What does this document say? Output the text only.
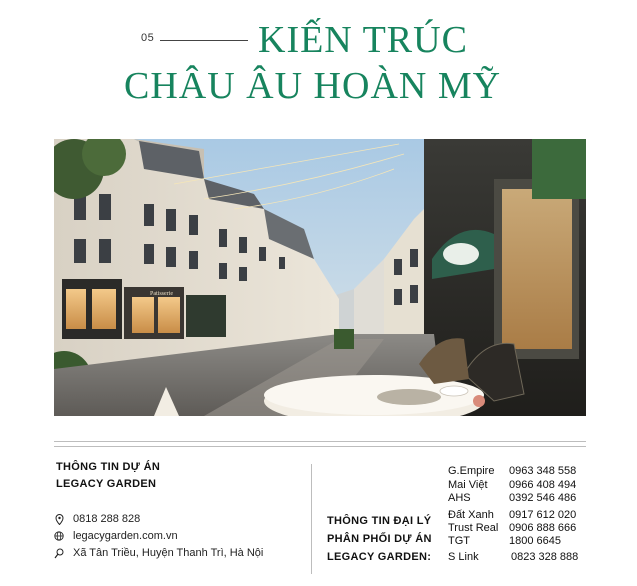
05	KIẾN TRÚC
CHÂU ÂU HOÀN MỸ
Patisserie
THÔNG TIN DỰ ÁN
LEGACY GARDEN
0818 288 828
legacygarden.com.vn
Xã Tân Triều, Huyện Thanh Trì, Hà Nội
THÔNG TIN ĐẠI LÝ
PHÂN PHỐI DỰ ÁN
LEGACY GARDEN:
G.Empire 0963 348 558
Mai Việt 0966 408 494
AHS	0392 546 486
Đất Xanh 0917 612 020
Trust Real 0906 888 666
TGT	1800 6645
S Link	0823 328 888
